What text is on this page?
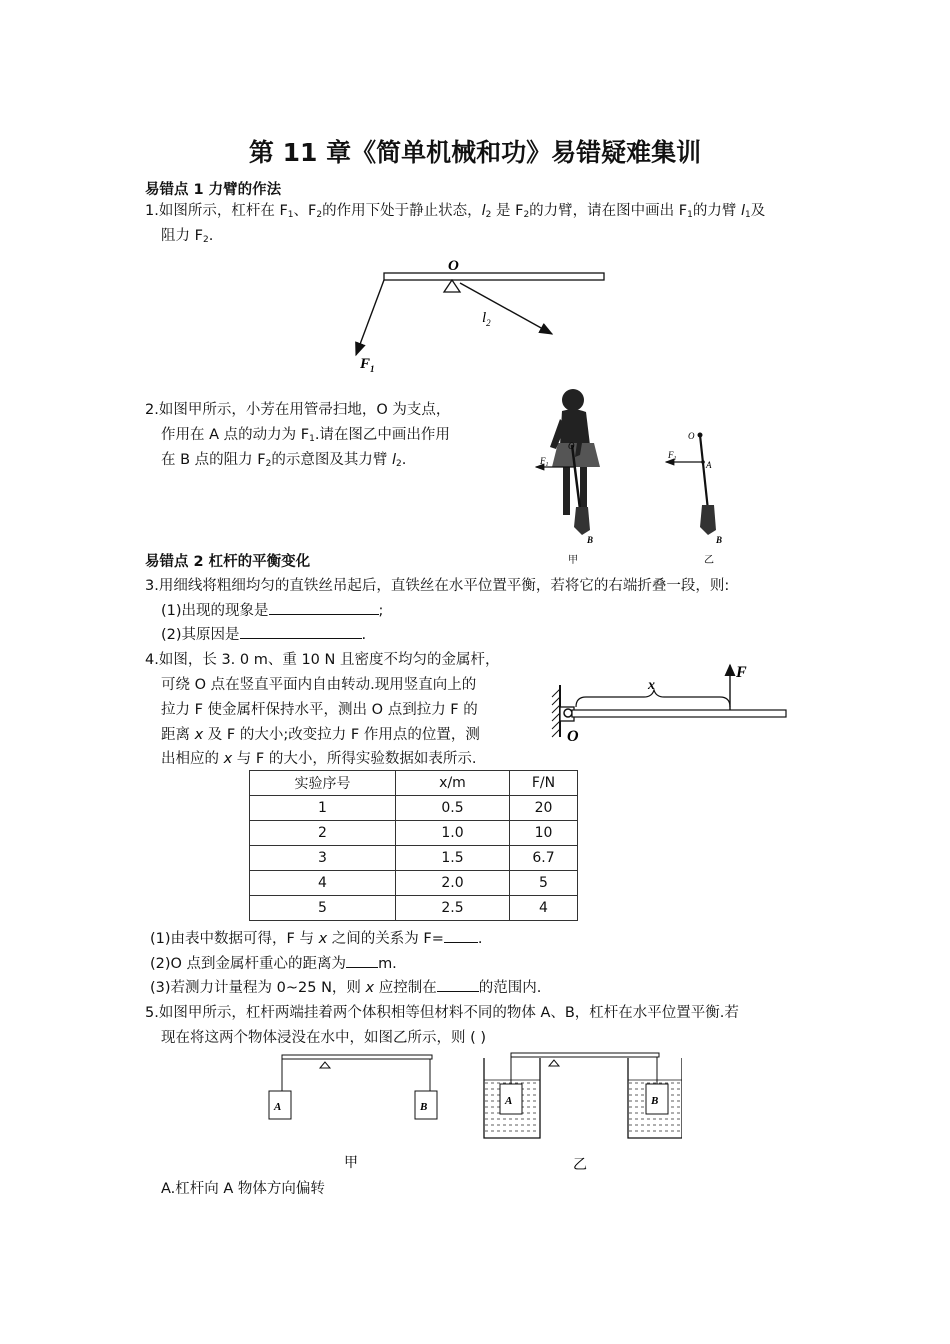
第 11 章《简单机械和功》易错疑难集训
易错点 1 力臂的作法
1.如图所示，杠杆在 $F_1$、$F_2$的作用下处于静止状态，$l_2$ 是 $F_2$的力臂，请在图中画出 $F_1$的力臂 $l_1$及
阻力 $F_2$.
O
$l_2$
$F_1$
2.如图甲所示，小芳在用管帚扫地，O 为支点，
作用在 A 点的动力为 $F_1$.请在图乙中画出作用
在 B 点的阻力 $F_2$的示意图及其力臂 $l_2$.	$F_1$
O
B
甲
O
$F_1$
A
B
乙
易错点 2 杠杆的平衡变化
3.用细线将粗细均匀的直铁丝吊起后，直铁丝在水平位置平衡，若将它的右端折叠一段，则:
(1)出现的现象是	;
(2)其原因是	.
4.如图，长 3. 0 m、重 10 N 且密度不均匀的金属杆，
可绕 O 点在竖直平面内自由转动.现用竖直向上的
拉力 F 使金属杆保持水平，测出 O 点到拉力 F 的
距离 x 及 F 的大小;改变拉力 F 作用点的位置，测
出相应的 x 与 F 的大小，所得实验数据如表所示.
F
x
O
实验序号	x/m	F/N
1	0.5	20
2	1.0	10
3	1.5	6.7
4	2.0	5
5	2.5	4
(1)由表中数据可得，F 与 x 之间的关系为 F= .
(2)O 点到金属杆重心的距离为 m.
(3)若测力计量程为 0~25 N，则 x 应控制在	的范围内.
5.如图甲所示，杠杆两端挂着两个体积相等但材料不同的物体 A、B，杠杆在水平位置平衡.若
现在将这两个物体浸没在水中，如图乙所示，则 ( )
A	B
甲
A	B
乙
A.杠杆向 A 物体方向偏转
